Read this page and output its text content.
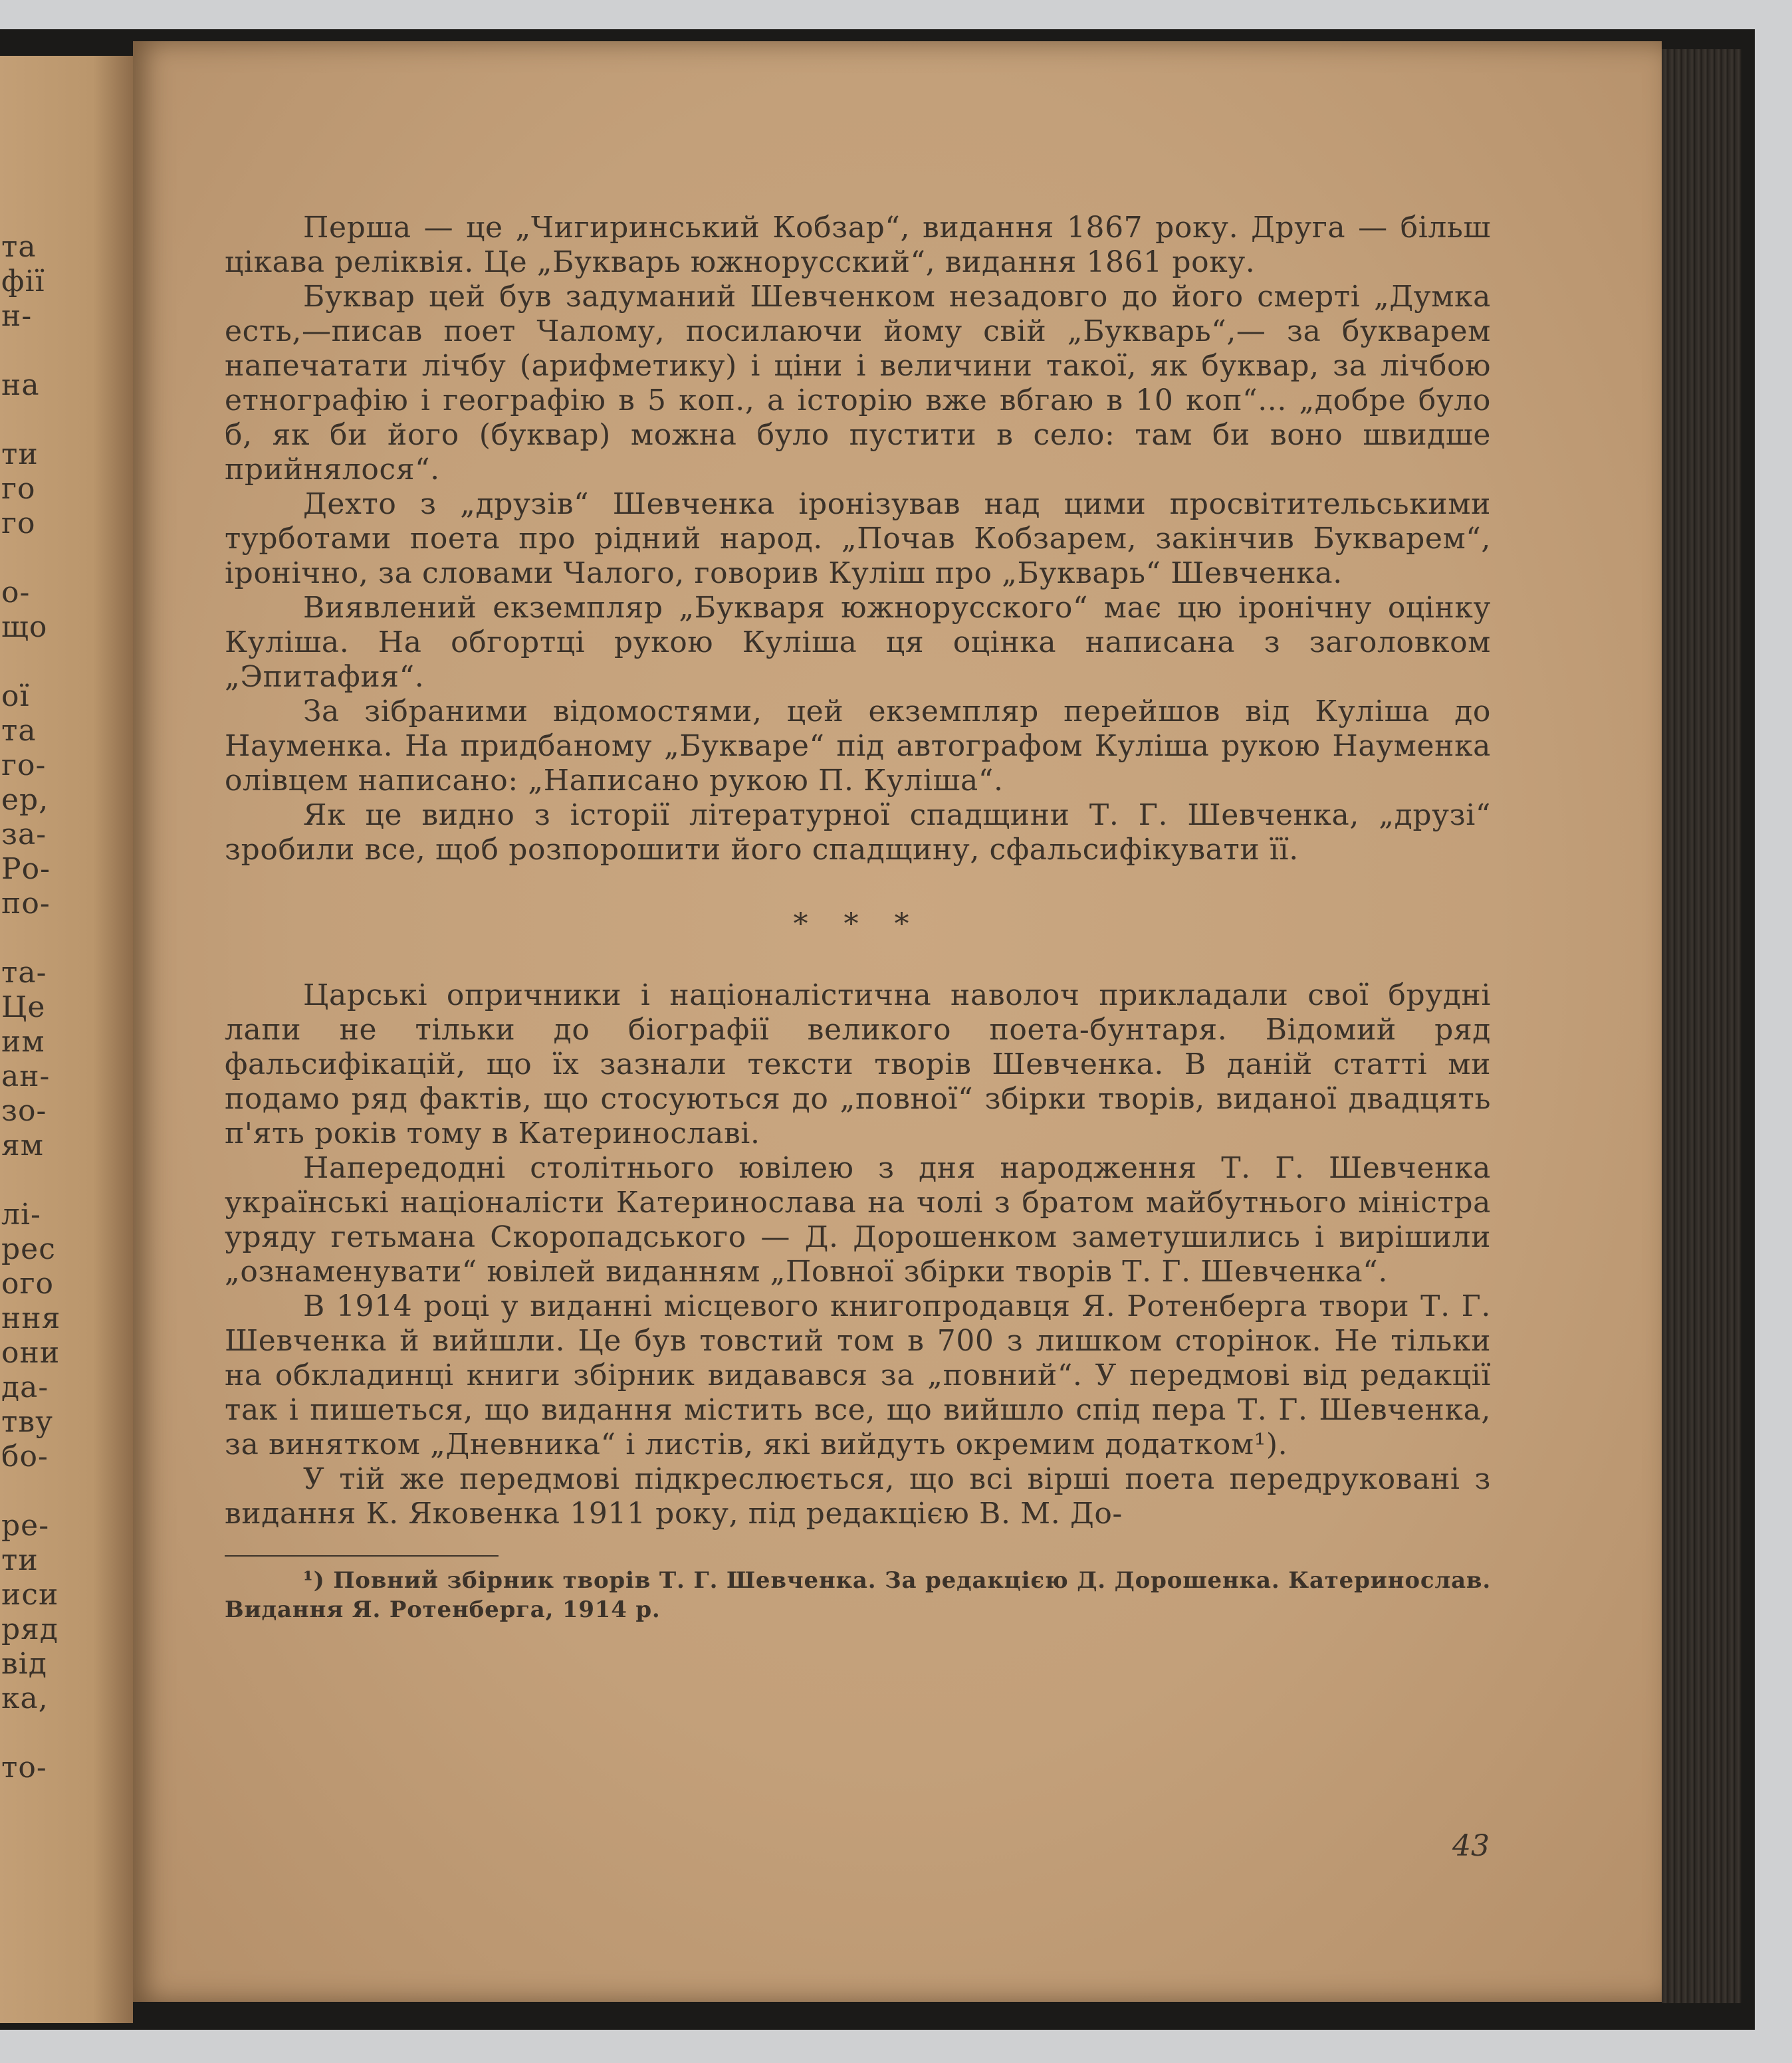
та
фії
н-
на
ти
го
го
о-
що
ої
та
го-
ер,
за-
Ро-
по-
та-
Це
им
ан-
зо-
ям
лі-
рес
ого
ння
они
да-
тву
бо-
ре-
ти
иси
ряд
від
ка,
то-

Перша — це „Чигиринський Кобзар“, видання 1867 року. Друга — більш цікава реліквія. Це „Букварь южнорусский“, видання 1861 року.

Буквар цей був задуманий Шевченком незадовго до його смерті „Думка есть,—писав поет Чалому, посилаючи йому свій „Букварь“,— за букварем напечатати лічбу (арифметику) і ціни і величини такої, як буквар, за лічбою етнографію і географію в 5 коп., а історію вже вбгаю в 10 коп“... „добре було б, як би його (буквар) можна було пустити в село: там би воно швидше прийнялося“.

Дехто з „друзів“ Шевченка іронізував над цими просвітительськими турботами поета про рідний народ. „Почав Кобзарем, закінчив Букварем“, іронічно, за словами Чалого, говорив Куліш про „Букварь“ Шевченка.

Виявлений екземпляр „Букваря южнорусского“ має цю іронічну оцінку Куліша. На обгортці рукою Куліша ця оцінка написана з заголовком „Эпитафия“.

За зібраними відомостями, цей екземпляр перейшов від Куліша до Науменка. На придбаному „Букваре“ під автографом Куліша рукою Науменка олівцем написано: „Написано рукою П. Куліша“.

Як це видно з історії літературної спадщини Т. Г. Шевченка, „друзі“ зробили все, щоб розпорошити його спадщину, сфальсифікувати її.

* * *

Царські опричники і націоналістична наволоч прикладали свої брудні лапи не тільки до біографії великого поета-бунтаря. Відомий ряд фальсифікацій, що їх зазнали тексти творів Шевченка. В даній статті ми подамо ряд фактів, що стосуються до „повної“ збірки творів, виданої двадцять п'ять років тому в Катеринославі.

Напередодні столітнього ювілею з дня народження Т. Г. Шевченка українські націоналісти Катеринослава на чолі з братом майбутнього міністра уряду гетьмана Скоропадського — Д. Дорошенком заметушились і вирішили „ознаменувати“ ювілей виданням „Повної збірки творів Т. Г. Шевченка“.

В 1914 році у виданні місцевого книгопродавця Я. Ротенберга твори Т. Г. Шевченка й вийшли. Це був товстий том в 700 з лишком сторінок. Не тільки на обкладинці книги збірник видавався за „повний“. У передмові від редакції так і пишеться, що видання містить все, що вийшло спід пера Т. Г. Шевченка, за винятком „Дневника“ і листів, які вийдуть окремим додатком¹).

У тій же передмові підкреслюється, що всі вірші поета передруковані з видання К. Яковенка 1911 року, під редакцією В. М. До-

¹) Повний збірник творів Т. Г. Шевченка. За редакцією Д. Дорошенка. Катеринослав. Видання Я. Ротенберга, 1914 р.

43
